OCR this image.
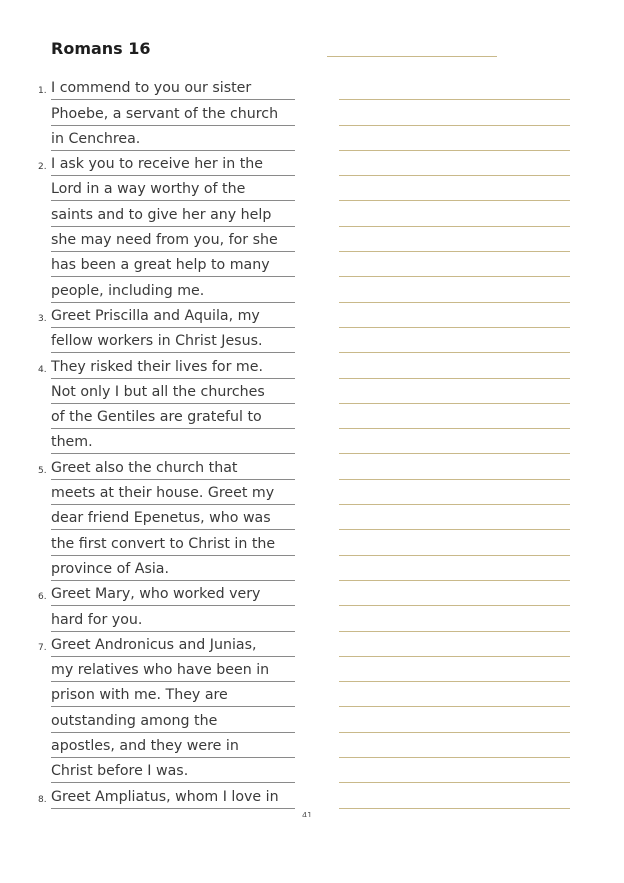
Romans 16
1. I commend to you our sister
Phoebe, a servant of the church
in Cenchrea.
2. I ask you to receive her in the
Lord in a way worthy of the
saints and to give her any help
she may need from you, for she
has been a great help to many
people, including me.
3. Greet Priscilla and Aquila, my
fellow workers in Christ Jesus.
4. They risked their lives for me.
Not only I but all the churches
of the Gentiles are grateful to
them.
5. Greet also the church that
meets at their house. Greet my
dear friend Epenetus, who was
the first convert to Christ in the
province of Asia.
6. Greet Mary, who worked very
hard for you.
7. Greet Andronicus and Junias,
my relatives who have been in
prison with me. They are
outstanding among the
apostles, and they were in
Christ before I was.
8. Greet Ampliatus, whom I love in
41
